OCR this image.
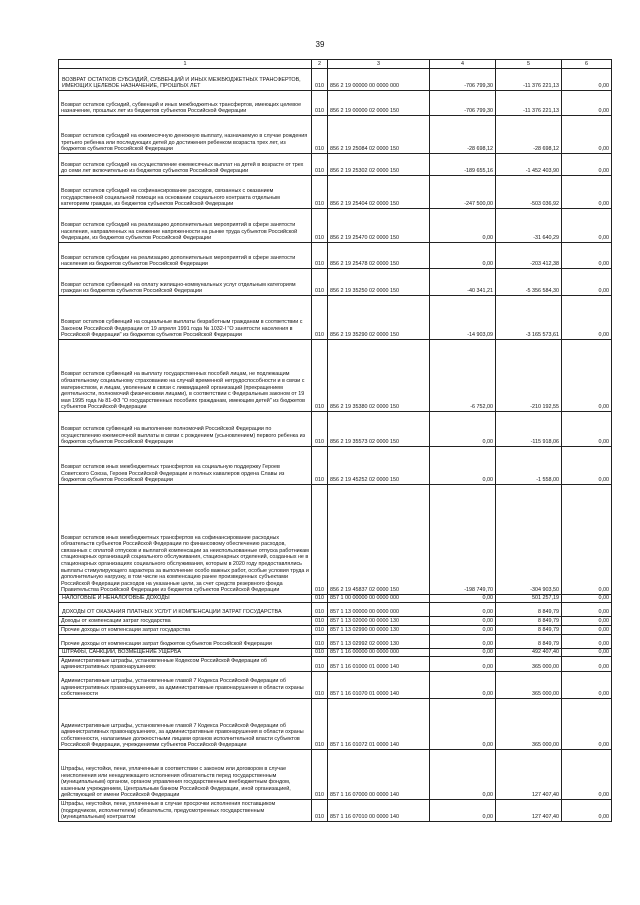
39
1	2	3	4	5	6
ВОЗВРАТ ОСТАТКОВ СУБСИДИЙ, СУБВЕНЦИЙ И ИНЫХ МЕЖБЮДЖЕТНЫХ ТРАНСФЕРТОВ, ИМЕЮЩИХ ЦЕЛЕВОЕ НАЗНАЧЕНИЕ, ПРОШЛЫХ ЛЕТ	010	856 2 19 00000 00 0000 000	-706 799,30	-11 376 221,13	0,00
Возврат остатков субсидий, субвенций и иных межбюджетных трансфертов, имеющих целевое назначение, прошлых лет из бюджетов субъектов Российской Федерации	010	856 2 19 00000 02 0000 150	-706 799,30	-11 376 221,13	0,00
Возврат остатков субсидий на ежемесячную денежную выплату, назначаемую в случае рождения третьего ребенка или последующих детей до достижения ребенком возраста трех лет, из бюджетов субъектов Российской Федерации	010	856 2 19 25084 02 0000 150	-28 698,12	-28 698,12	0,00
Возврат остатков субсидий на осуществление ежемесячных выплат на детей в возрасте от трех до семи лет включительно из бюджетов субъектов Российской Федерации	010	856 2 19 25302 02 0000 150	-189 655,16	-1 452 403,90	0,00
Возврат остатков субсидий на софинансирование расходов, связанных с оказанием государственной социальной помощи на основании социального контракта отдельным категориям граждан, из бюджетов субъектов Российской Федерации	010	856 2 19 25404 02 0000 150	-247 500,00	-503 036,92	0,00
Возврат остатков субсидий на реализацию дополнительных мероприятий в сфере занятости населения, направленных на снижение напряженности на рынке труда субъектов Российской Федерации, из бюджетов субъектов Российской Федерации	010	856 2 19 25470 02 0000 150	0,00	-31 640,29	0,00
Возврат остатков субсидии на реализацию дополнительных мероприятий в сфере занятости населения из бюджетов субъектов Российской Федерации	010	856 2 19 25478 02 0000 150	0,00	-203 412,38	0,00
Возврат остатков субвенций на оплату жилищно-коммунальных услуг отдельным категориям граждан из бюджетов субъектов Российской Федерации	010	856 2 19 35250 02 0000 150	-40 341,21	-5 356 584,30	0,00
Возврат остатков субвенций на социальные выплаты безработным гражданам в соответствии с Законом Российской Федерации от 19 апреля 1991 года № 1032-I "О занятости населения в Российской Федерации" из бюджетов субъектов Российской Федерации	010	856 2 19 35290 02 0000 150	-14 903,09	-3 165 573,61	0,00
Возврат остатков субвенций на выплату государственных пособий лицам, не подлежащим обязательному социальному страхованию на случай временной нетрудоспособности и в связи с материнством, и лицам, уволенным в связи с ликвидацией организаций (прекращением деятельности, полномочий физическими лицами), в соответствии с Федеральным законом от 19 мая 1995 года № 81-ФЗ "О государственных пособиях гражданам, имеющим детей" из бюджетов субъектов Российской Федерации	010	856 2 19 35380 02 0000 150	-6 752,00	-210 192,55	0,00
Возврат остатков субвенций на выполнение полномочий Российской Федерации по осуществлению ежемесячной выплаты в связи с рождением (усыновлением) первого ребенка из бюджетов субъектов Российской Федерации	010	856 2 19 35573 02 0000 150	0,00	-115 918,06	0,00
Возврат остатков иных межбюджетных трансфертов на социальную поддержку Героев Советского Союза, Героев Российской Федерации и полных кавалеров ордена Славы из бюджетов субъектов Российской Федерации	010	856 2 19 45252 02 0000 150	0,00	-1 558,00	0,00
Возврат остатков иных межбюджетных трансфертов на софинансирование расходных обязательств субъектов Российской Федерации по финансовому обеспечению расходов, связанных с оплатой отпусков и выплатой компенсации за неиспользованные отпуска работникам стационарных организаций социального обслуживания, стационарных отделений, созданных не в стационарных организациях социального обслуживания, которым в 2020 году предоставлялись выплаты стимулирующего характера за выполнение особо важных работ, особые условия труда и дополнительную нагрузку, в том числе на компенсацию ранее произведенных субъектами Российской Федерации расходов на указанные цели, за счет средств резервного фонда Правительства Российской Федерации из бюджетов субъектов Российской Федерации	010	856 2 19 45837 02 0000 150	-198 749,70	-304 903,50	0,00
НАЛОГОВЫЕ И НЕНАЛОГОВЫЕ ДОХОДЫ	010	857 1 00 00000 00 0000 000	0,00	501 257,19	0,00
ДОХОДЫ ОТ ОКАЗАНИЯ ПЛАТНЫХ УСЛУГ И КОМПЕНСАЦИИ ЗАТРАТ ГОСУДАРСТВА	010	857 1 13 00000 00 0000 000	0,00	8 849,79	0,00
Доходы от компенсации затрат государства	010	857 1 13 02000 00 0000 130	0,00	8 849,79	0,00
Прочие доходы от компенсации затрат государства	010	857 1 13 02990 00 0000 130	0,00	8 849,79	0,00
Прочие доходы от компенсации затрат бюджетов субъектов Российской Федерации	010	857 1 13 02992 02 0000 130	0,00	8 849,79	0,00
ШТРАФЫ, САНКЦИИ, ВОЗМЕЩЕНИЕ УЩЕРБА	010	857 1 16 00000 00 0000 000	0,00	492 407,40	0,00
Административные штрафы, установленные Кодексом Российской Федерации об административных правонарушениях	010	857 1 16 01000 01 0000 140	0,00	365 000,00	0,00
Административные штрафы, установленные главой 7 Кодекса Российской Федерации об административных правонарушениях, за административные правонарушения в области охраны собственности	010	857 1 16 01070 01 0000 140	0,00	365 000,00	0,00
Административные штрафы, установленные главой 7 Кодекса Российской Федерации об административных правонарушениях, за административные правонарушения в области охраны собственности, налагаемые должностными лицами органов исполнительной власти субъектов Российской Федерации, учреждениями субъектов Российской Федерации	010	857 1 16 01072 01 0000 140	0,00	365 000,00	0,00
Штрафы, неустойки, пени, уплаченные в соответствии с законом или договором в случае неисполнения или ненадлежащего исполнения обязательств перед государственным (муниципальным) органом, органом управления государственным внебюджетным фондом, казенным учреждением, Центральным банком Российской Федерации, иной организацией, действующей от имени Российской Федерации	010	857 1 16 07000 00 0000 140	0,00	127 407,40	0,00
Штрафы, неустойки, пени, уплаченные в случае просрочки исполнения поставщиком (подрядчиком, исполнителем) обязательств, предусмотренных государственным (муниципальным) контрактом	010	857 1 16 07010 00 0000 140	0,00	127 407,40	0,00
